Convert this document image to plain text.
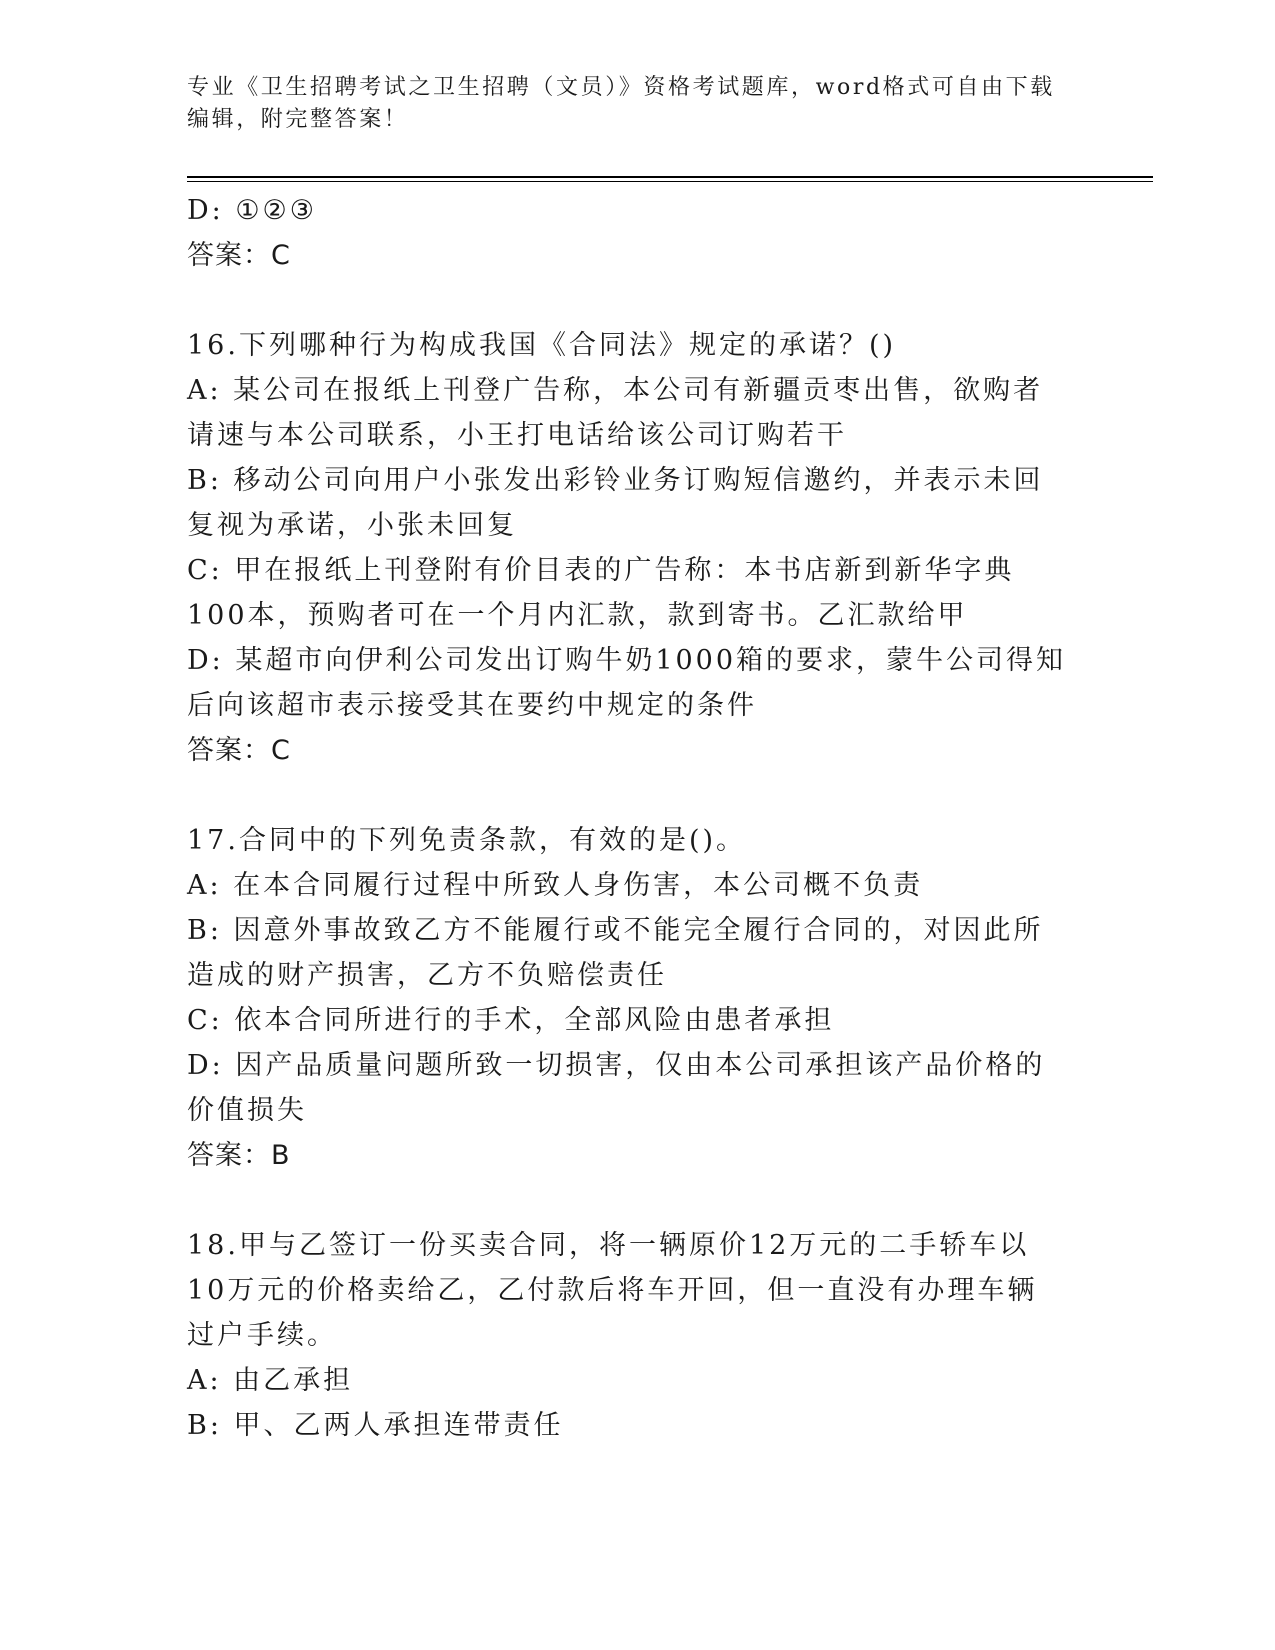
专业《卫生招聘考试之卫生招聘（文员）》资格考试题库，word格式可自由下载编辑，附完整答案！
D: ①②③
答案：C
16.下列哪种行为构成我国《合同法》规定的承诺？()
A: 某公司在报纸上刊登广告称，本公司有新疆贡枣出售，欲购者请速与本公司联系，小王打电话给该公司订购若干
B: 移动公司向用户小张发出彩铃业务订购短信邀约，并表示未回复视为承诺，小张未回复
C: 甲在报纸上刊登附有价目表的广告称：本书店新到新华字典100本，预购者可在一个月内汇款，款到寄书。乙汇款给甲
D: 某超市向伊利公司发出订购牛奶1000箱的要求，蒙牛公司得知后向该超市表示接受其在要约中规定的条件
答案：C
17.合同中的下列免责条款，有效的是()。
A: 在本合同履行过程中所致人身伤害，本公司概不负责
B: 因意外事故致乙方不能履行或不能完全履行合同的，对因此所造成的财产损害，乙方不负赔偿责任
C: 依本合同所进行的手术，全部风险由患者承担
D: 因产品质量问题所致一切损害，仅由本公司承担该产品价格的价值损失
答案：B
18.甲与乙签订一份买卖合同，将一辆原价12万元的二手轿车以10万元的价格卖给乙，乙付款后将车开回，但一直没有办理车辆过户手续。
A: 由乙承担
B: 甲、乙两人承担连带责任
